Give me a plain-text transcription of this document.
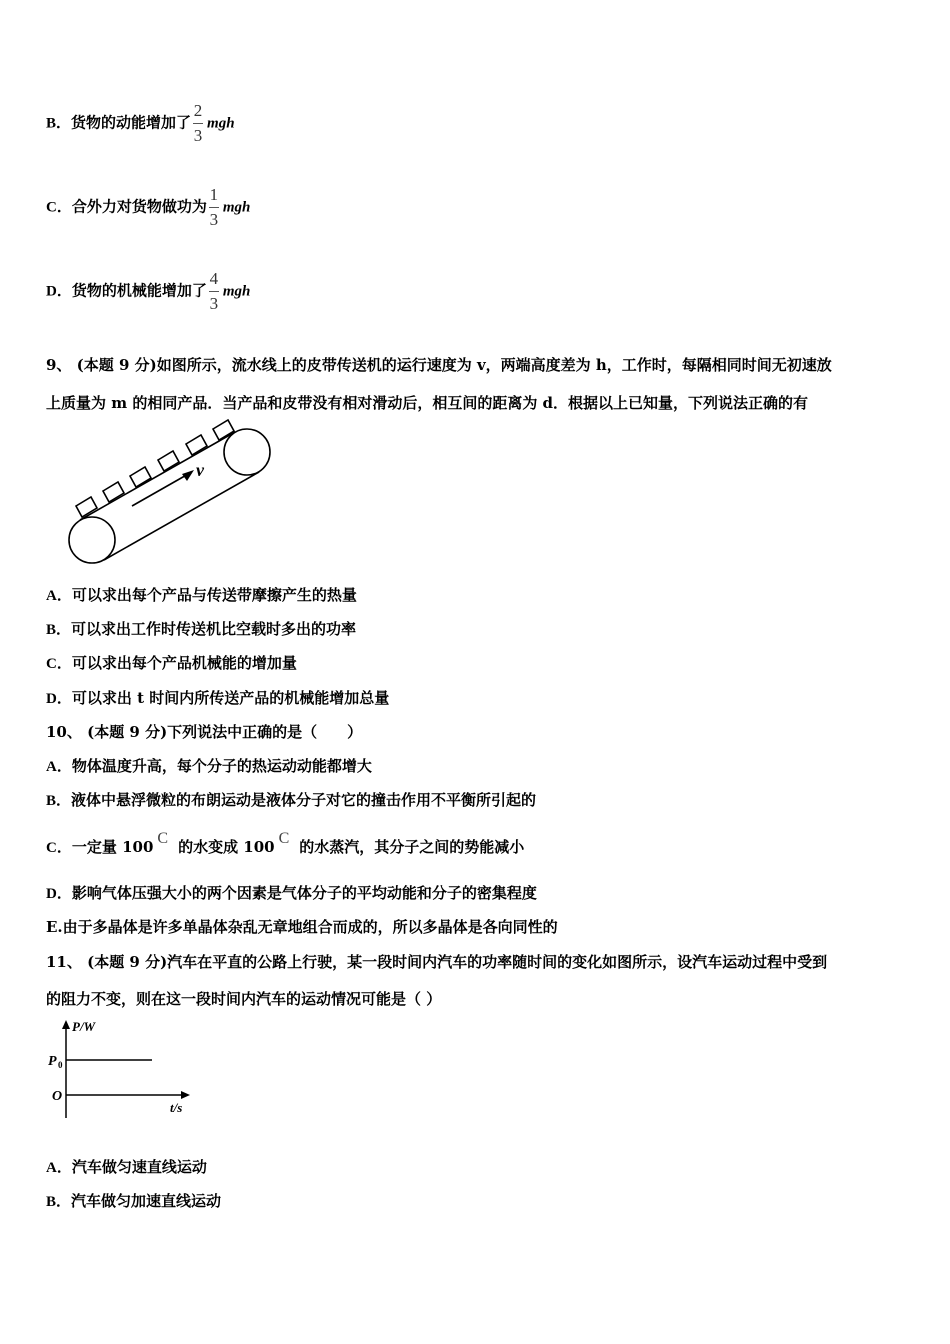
B．货物的动能增加了 $\frac{2}{3}$ mgh
C．合外力对货物做功为 $\frac{1}{3}$ mgh
D．货物的机械能增加了 $\frac{4}{3}$ mgh
9、 (本题 9 分)如图所示，流水线上的皮带传送机的运行速度为 v，两端高度差为 h，工作时，每隔相同时间无初速放
上质量为 m 的相同产品．当产品和皮带没有相对滑动后，相互间的距离为 d．根据以上已知量，下列说法正确的有
v
A．可以求出每个产品与传送带摩擦产生的热量
B．可以求出工作时传送机比空载时多出的功率
C．可以求出每个产品机械能的增加量
D．可以求出 t 时间内所传送产品的机械能增加总量
10、 (本题 9 分)下列说法中正确的是（　　）
A．物体温度升高，每个分子的热运动动能都增大
B．液体中悬浮微粒的布朗运动是液体分子对它的撞击作用不平衡所引起的
C．一定量 100 C 的水变成 100 C 的水蒸汽，其分子之间的势能减小
D．影响气体压强大小的两个因素是气体分子的平均动能和分子的密集程度
E.由于多晶体是许多单晶体杂乱无章地组合而成的，所以多晶体是各向同性的
11、 (本题 9 分)汽车在平直的公路上行驶，某一段时间内汽车的功率随时间的变化如图所示，设汽车运动过程中受到
的阻力不变，则在这一段时间内汽车的运动情况可能是（ ）
P/W
P 0
O
t/s
A．汽车做匀速直线运动
B．汽车做匀加速直线运动
